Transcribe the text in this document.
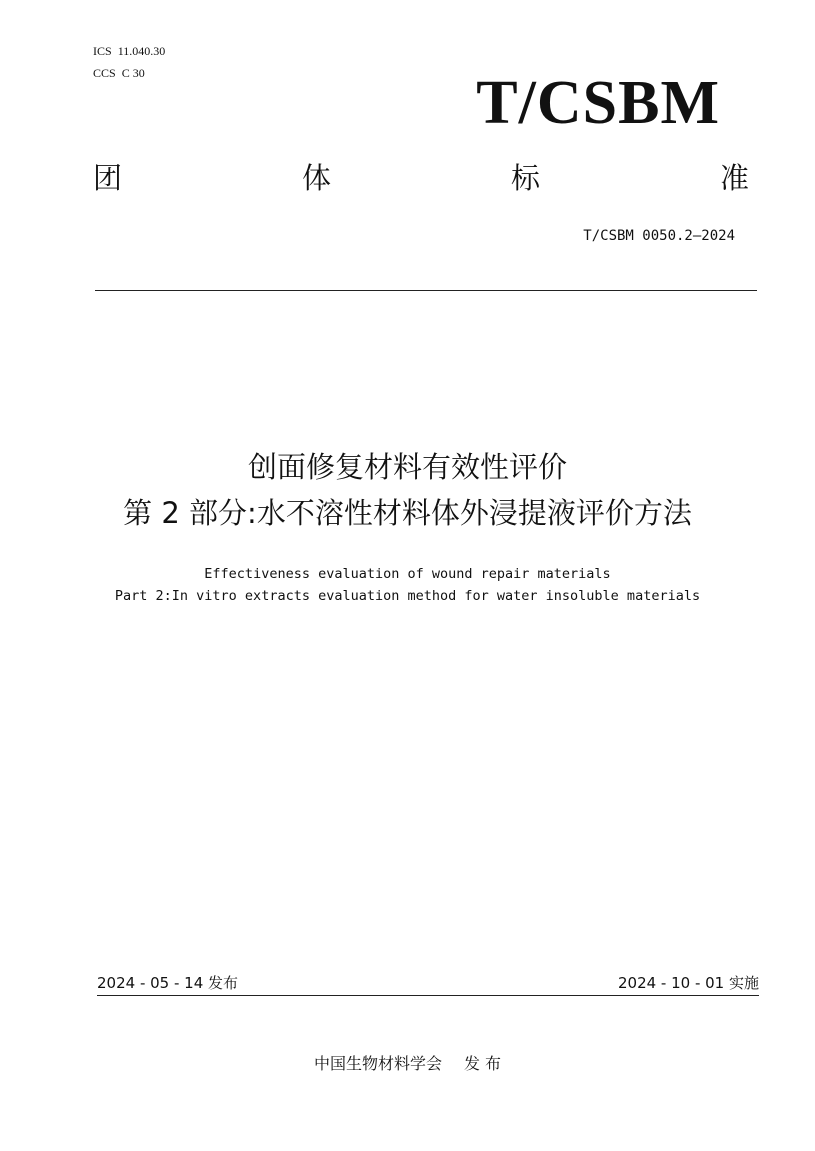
ICS 11.040.30
CCS C 30	T/CSBM
团	体	标	准
T/CSBM 0050.2—2024
创面修复材料有效性评价
第 2 部分:水不溶性材料体外浸提液评价方法
Effectiveness evaluation of wound repair materials
Part 2:In vitro extracts evaluation method for water insoluble materials
2024 - 05 - 14 发布	2024 - 10 - 01 实施
中国生物材料学会 发 布
